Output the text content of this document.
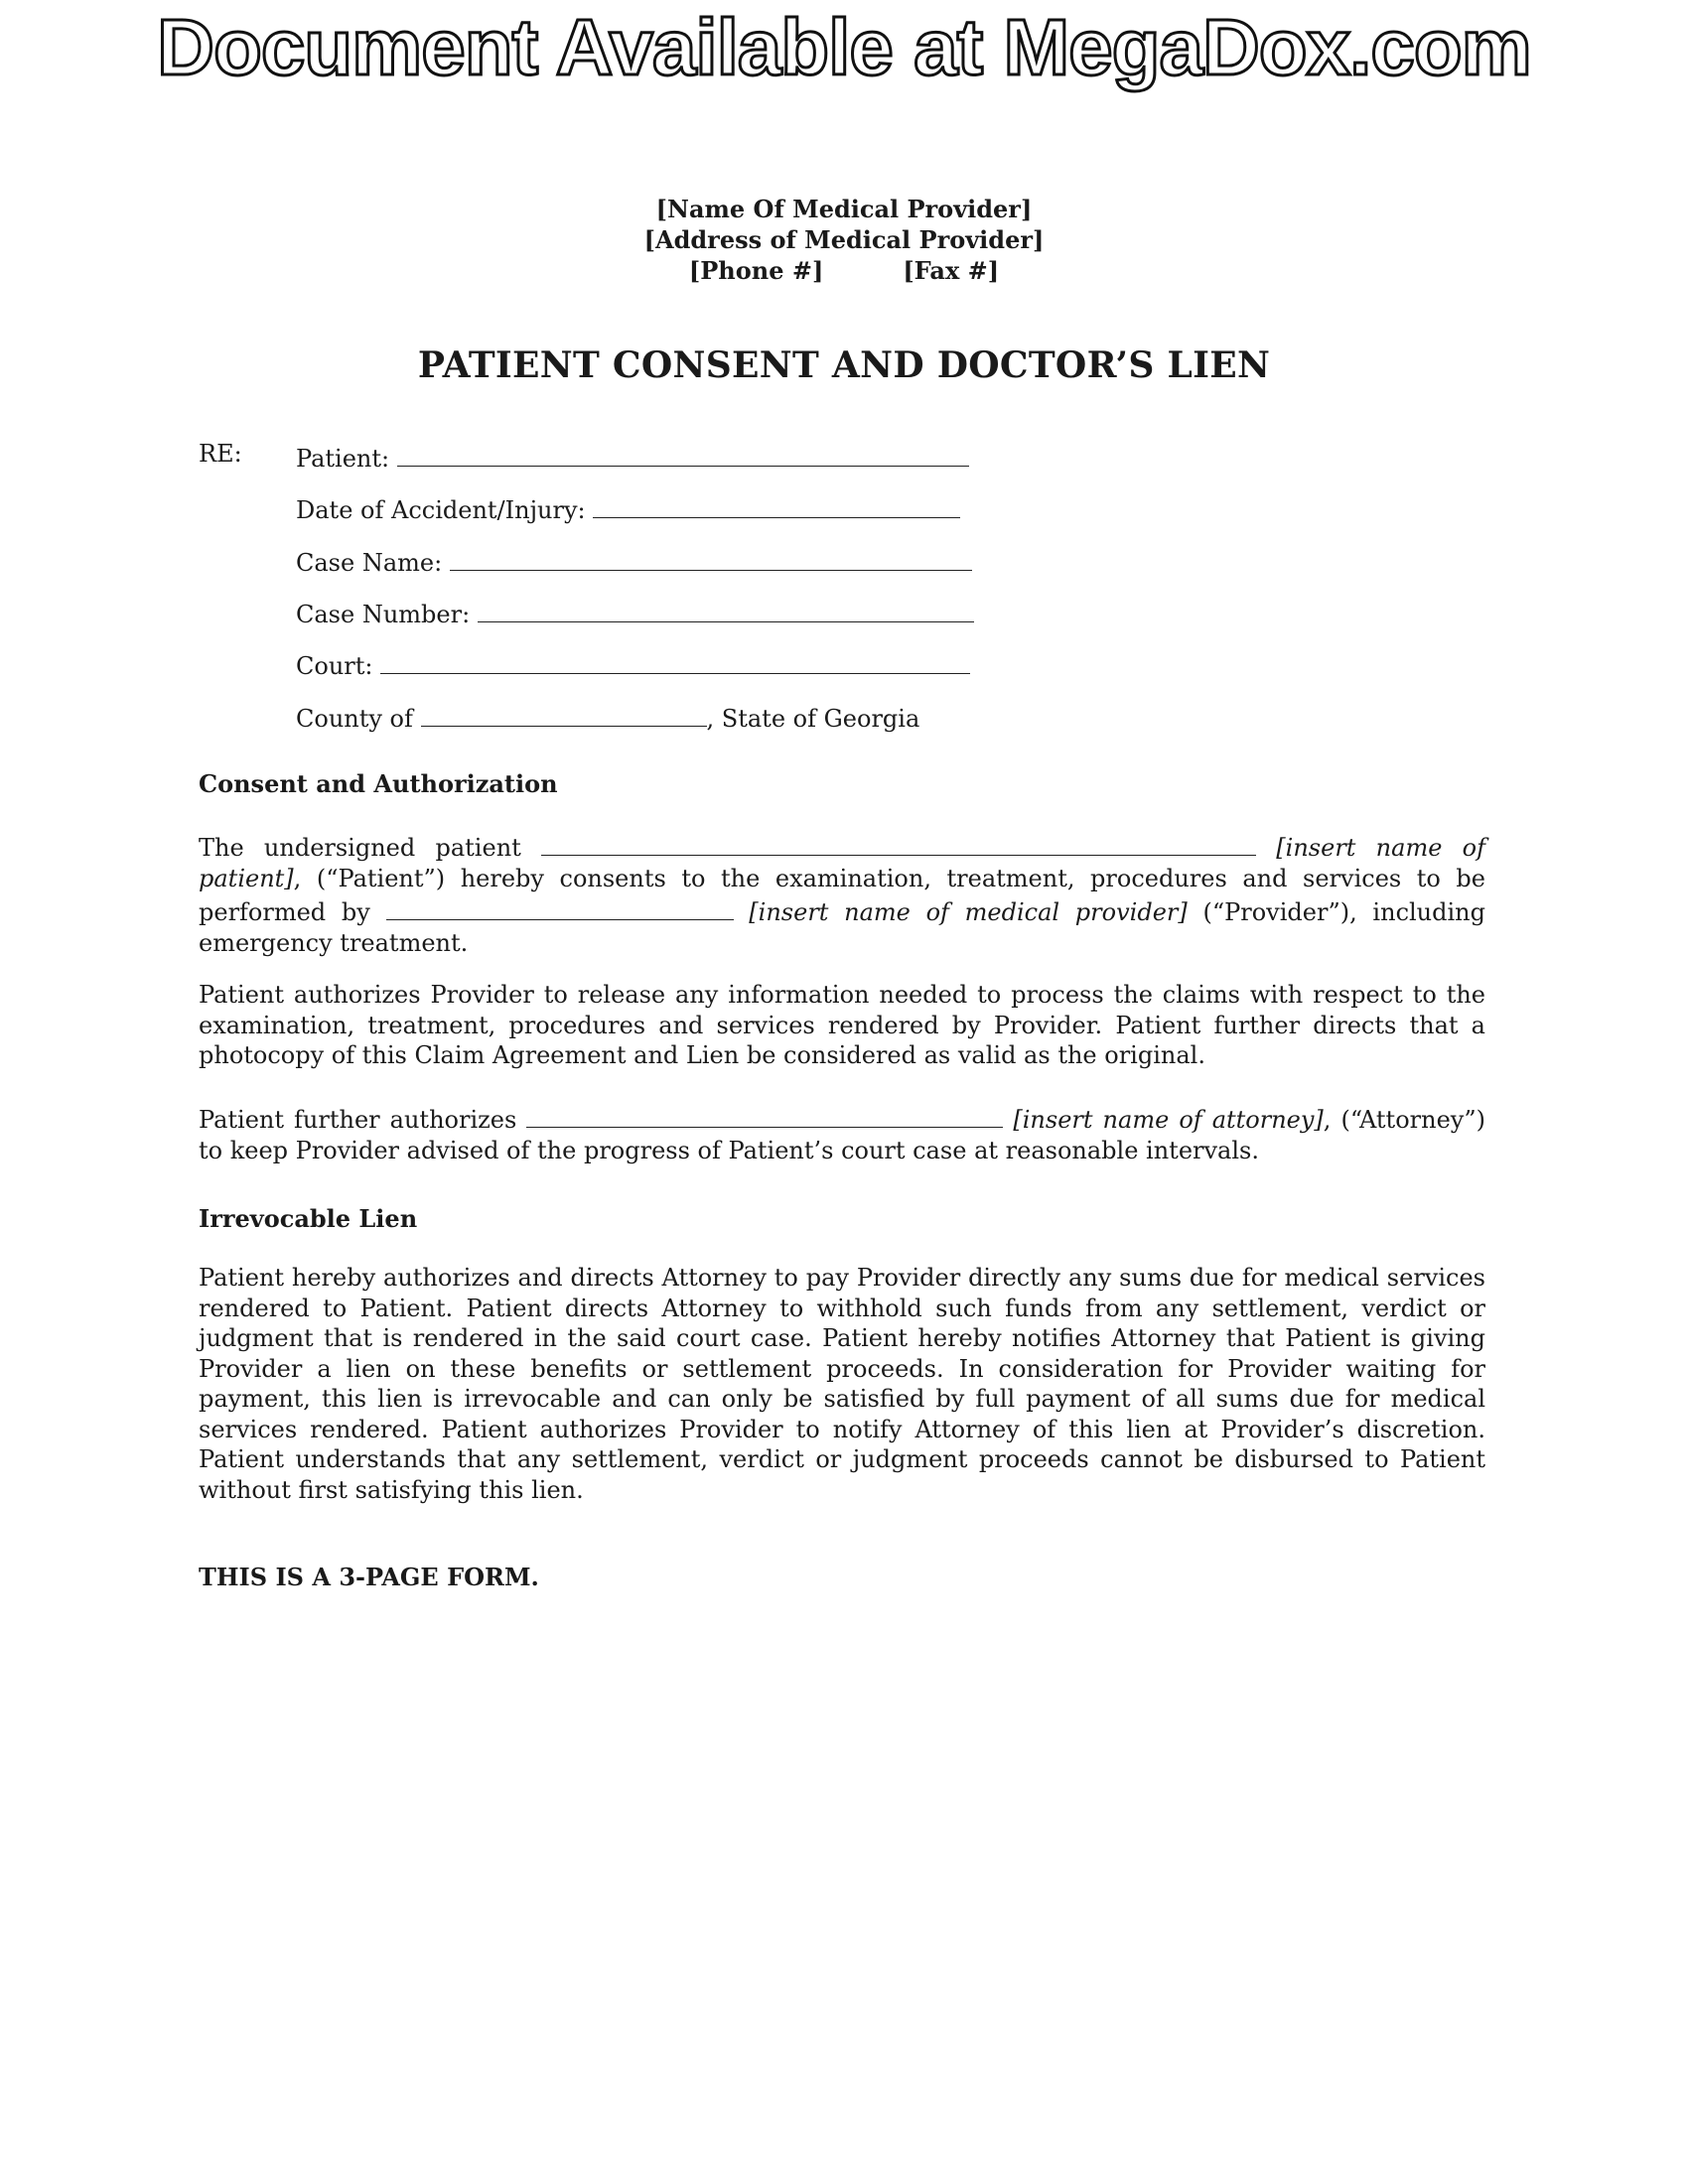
Document Available at MegaDox.com
[Name Of Medical Provider]
[Address of Medical Provider]
[Phone #]	[Fax #]
PATIENT CONSENT AND DOCTOR’S LIEN
RE: Patient:
Date of Accident/Injury:
Case Name:
Case Number:
Court:
County of	, State of Georgia
Consent and Authorization
The undersigned patient	[insert name of patient], (“Patient”) hereby consents to the examination, treatment, procedures and services to be performed by	[insert name of medical provider] (“Provider”), including emergency treatment.
Patient authorizes Provider to release any information needed to process the claims with respect to the examination, treatment, procedures and services rendered by Provider. Patient further directs that a photocopy of this Claim Agreement and Lien be considered as valid as the original.
Patient further authorizes	[insert name of attorney], (“Attorney”) to keep Provider advised of the progress of Patient’s court case at reasonable intervals.
Irrevocable Lien
Patient hereby authorizes and directs Attorney to pay Provider directly any sums due for medical services rendered to Patient. Patient directs Attorney to withhold such funds from any settlement, verdict or judgment that is rendered in the said court case. Patient hereby notifies Attorney that Patient is giving Provider a lien on these benefits or settlement proceeds. In consideration for Provider waiting for payment, this lien is irrevocable and can only be satisfied by full payment of all sums due for medical services rendered. Patient authorizes Provider to notify Attorney of this lien at Provider’s discretion. Patient understands that any settlement, verdict or judgment proceeds cannot be disbursed to Patient without first satisfying this lien.
THIS IS A 3-PAGE FORM.
